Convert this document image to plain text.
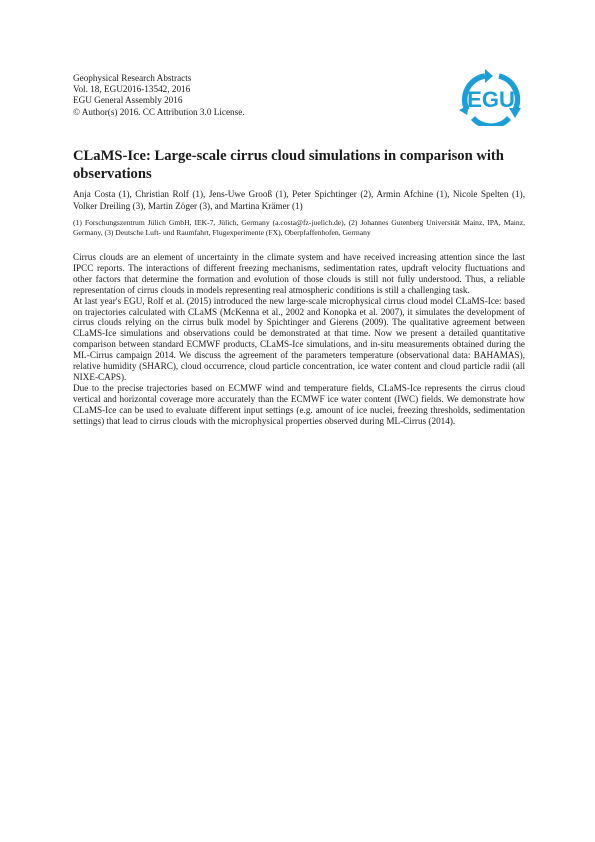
Geophysical Research Abstracts
Vol. 18, EGU2016-13542, 2016
EGU General Assembly 2016
© Author(s) 2016. CC Attribution 3.0 License.	EGU
CLaMS-Ice: Large-scale cirrus cloud simulations in comparison with observations
Anja Costa (1), Christian Rolf (1), Jens-Uwe Grooß (1), Peter Spichtinger (2), Armin Afchine (1), Nicole Spelten (1), Volker Dreiling (3), Martin Zöger (3), and Martina Krämer (1)
(1) Forschungszentrum Jülich GmbH, IEK-7, Jülich, Germany (a.costa@fz-juelich.de), (2) Johannes Gutenberg Universität Mainz, IPA, Mainz, Germany, (3) Deutsche Luft- und Raumfahrt, Flugexperimente (FX), Oberpfaffenhofen, Germany

Cirrus clouds are an element of uncertainty in the climate system and have received increasing attention since the last IPCC reports. The interactions of different freezing mechanisms, sedimentation rates, updraft velocity fluctuations and other factors that determine the formation and evolution of those clouds is still not fully understood. Thus, a reliable representation of cirrus clouds in models representing real atmospheric conditions is still a challenging task.

At last year's EGU, Rolf et al. (2015) introduced the new large-scale microphysical cirrus cloud model CLaMS-Ice: based on trajectories calculated with CLaMS (McKenna et al., 2002 and Konopka et al. 2007), it simulates the development of cirrus clouds relying on the cirrus bulk model by Spichtinger and Gierens (2009). The qualitative agreement between CLaMS-Ice simulations and observations could be demonstrated at that time. Now we present a detailed quantitative comparison between standard ECMWF products, CLaMS-Ice simulations, and in-situ measurements obtained during the ML-Cirrus campaign 2014. We discuss the agreement of the parameters temperature (observational data: BAHAMAS), relative humidity (SHARC), cloud occurrence, cloud particle concentration, ice water content and cloud particle radii (all NIXE-CAPS).

Due to the precise trajectories based on ECMWF wind and temperature fields, CLaMS-Ice represents the cirrus cloud vertical and horizontal coverage more accurately than the ECMWF ice water content (IWC) fields. We demonstrate how CLaMS-Ice can be used to evaluate different input settings (e.g. amount of ice nuclei, freezing thresholds, sedimentation settings) that lead to cirrus clouds with the microphysical properties observed during ML-Cirrus (2014).
